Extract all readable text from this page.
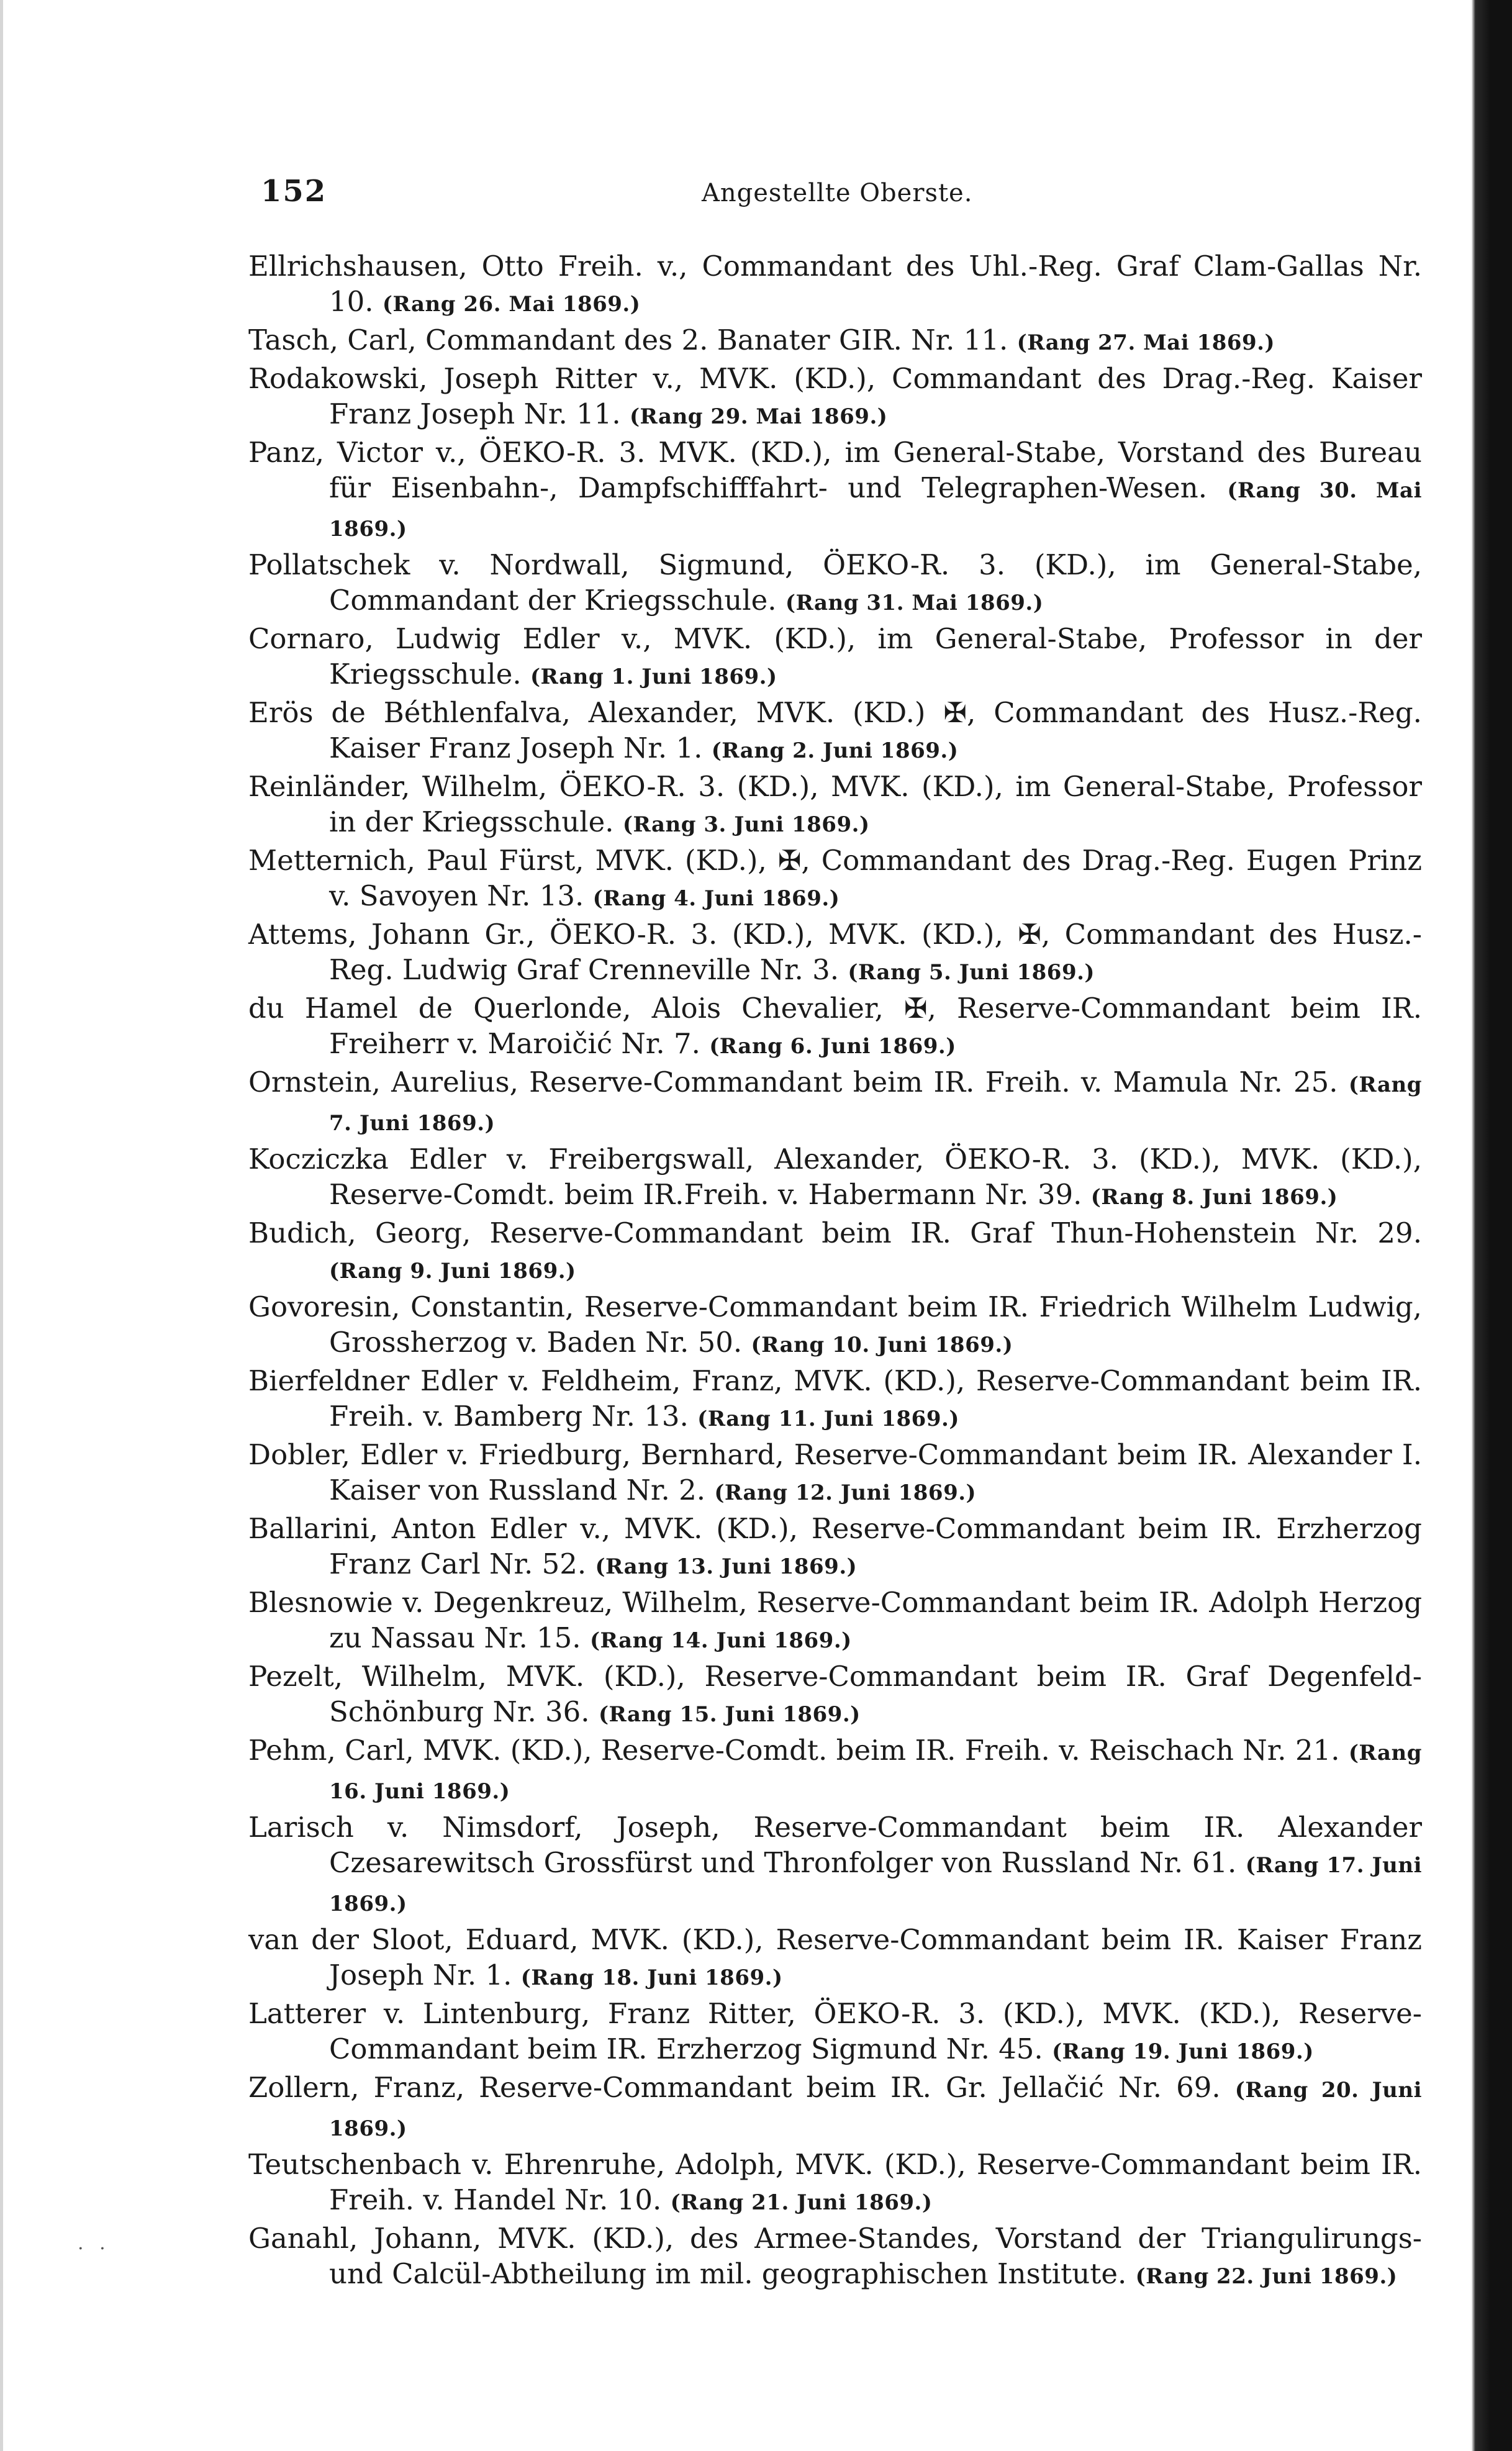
152	Angestellte Oberste.

Ellrichshausen, Otto Freih. v., Commandant des Uhl.-Reg. Graf Clam-Gallas Nr. 10. (Rang 26. Mai 1869.)

Tasch, Carl, Commandant des 2. Banater GIR. Nr. 11. (Rang 27. Mai 1869.)

Rodakowski, Joseph Ritter v., MVK. (KD.), Commandant des Drag.-Reg. Kaiser Franz Joseph Nr. 11. (Rang 29. Mai 1869.)

Panz, Victor v., ÖEKO-R. 3. MVK. (KD.), im General-Stabe, Vorstand des Bureau für Eisenbahn-, Dampfschifffahrt- und Telegraphen-Wesen. (Rang 30. Mai 1869.)

Pollatschek v. Nordwall, Sigmund, ÖEKO-R. 3. (KD.), im General-Stabe, Commandant der Kriegsschule. (Rang 31. Mai 1869.)

Cornaro, Ludwig Edler v., MVK. (KD.), im General-Stabe, Professor in der Kriegsschule. (Rang 1. Juni 1869.)

Erös de Béthlenfalva, Alexander, MVK. (KD.) ✠, Commandant des Husz.-Reg. Kaiser Franz Joseph Nr. 1. (Rang 2. Juni 1869.)

Reinländer, Wilhelm, ÖEKO-R. 3. (KD.), MVK. (KD.), im General-Stabe, Professor in der Kriegsschule. (Rang 3. Juni 1869.)

Metternich, Paul Fürst, MVK. (KD.), ✠, Commandant des Drag.-Reg. Eugen Prinz v. Savoyen Nr. 13. (Rang 4. Juni 1869.)

Attems, Johann Gr., ÖEKO-R. 3. (KD.), MVK. (KD.), ✠, Commandant des Husz.-Reg. Ludwig Graf Crenneville Nr. 3. (Rang 5. Juni 1869.)

du Hamel de Querlonde, Alois Chevalier, ✠, Reserve-Commandant beim IR. Freiherr v. Maroičić Nr. 7. (Rang 6. Juni 1869.)

Ornstein, Aurelius, Reserve-Commandant beim IR. Freih. v. Mamula Nr. 25. (Rang 7. Juni 1869.)

Kocziczka Edler v. Freibergswall, Alexander, ÖEKO-R. 3. (KD.), MVK. (KD.), Reserve-Comdt. beim IR.Freih. v. Habermann Nr. 39. (Rang 8. Juni 1869.)

Budich, Georg, Reserve-Commandant beim IR. Graf Thun-Hohenstein Nr. 29. (Rang 9. Juni 1869.)

Govoresin, Constantin, Reserve-Commandant beim IR. Friedrich Wilhelm Ludwig, Grossherzog v. Baden Nr. 50. (Rang 10. Juni 1869.)

Bierfeldner Edler v. Feldheim, Franz, MVK. (KD.), Reserve-Commandant beim IR. Freih. v. Bamberg Nr. 13. (Rang 11. Juni 1869.)

Dobler, Edler v. Friedburg, Bernhard, Reserve-Commandant beim IR. Alexander I. Kaiser von Russland Nr. 2. (Rang 12. Juni 1869.)

Ballarini, Anton Edler v., MVK. (KD.), Reserve-Commandant beim IR. Erzherzog Franz Carl Nr. 52. (Rang 13. Juni 1869.)

Blesnowie v. Degenkreuz, Wilhelm, Reserve-Commandant beim IR. Adolph Herzog zu Nassau Nr. 15. (Rang 14. Juni 1869.)

Pezelt, Wilhelm, MVK. (KD.), Reserve-Commandant beim IR. Graf Degenfeld-Schönburg Nr. 36. (Rang 15. Juni 1869.)

Pehm, Carl, MVK. (KD.), Reserve-Comdt. beim IR. Freih. v. Reischach Nr. 21. (Rang 16. Juni 1869.)

Larisch v. Nimsdorf, Joseph, Reserve-Commandant beim IR. Alexander Czesarewitsch Grossfürst und Thronfolger von Russland Nr. 61. (Rang 17. Juni 1869.)

van der Sloot, Eduard, MVK. (KD.), Reserve-Commandant beim IR. Kaiser Franz Joseph Nr. 1. (Rang 18. Juni 1869.)

Latterer v. Lintenburg, Franz Ritter, ÖEKO-R. 3. (KD.), MVK. (KD.), Reserve-Commandant beim IR. Erzherzog Sigmund Nr. 45. (Rang 19. Juni 1869.)

Zollern, Franz, Reserve-Commandant beim IR. Gr. Jellačić Nr. 69. (Rang 20. Juni 1869.)

Teutschenbach v. Ehrenruhe, Adolph, MVK. (KD.), Reserve-Commandant beim IR. Freih. v. Handel Nr. 10. (Rang 21. Juni 1869.)

Ganahl, Johann, MVK. (KD.), des Armee-Standes, Vorstand der Triangulirungs- und Calcül-Abtheilung im mil. geographischen Institute. (Rang 22. Juni 1869.)

. .
